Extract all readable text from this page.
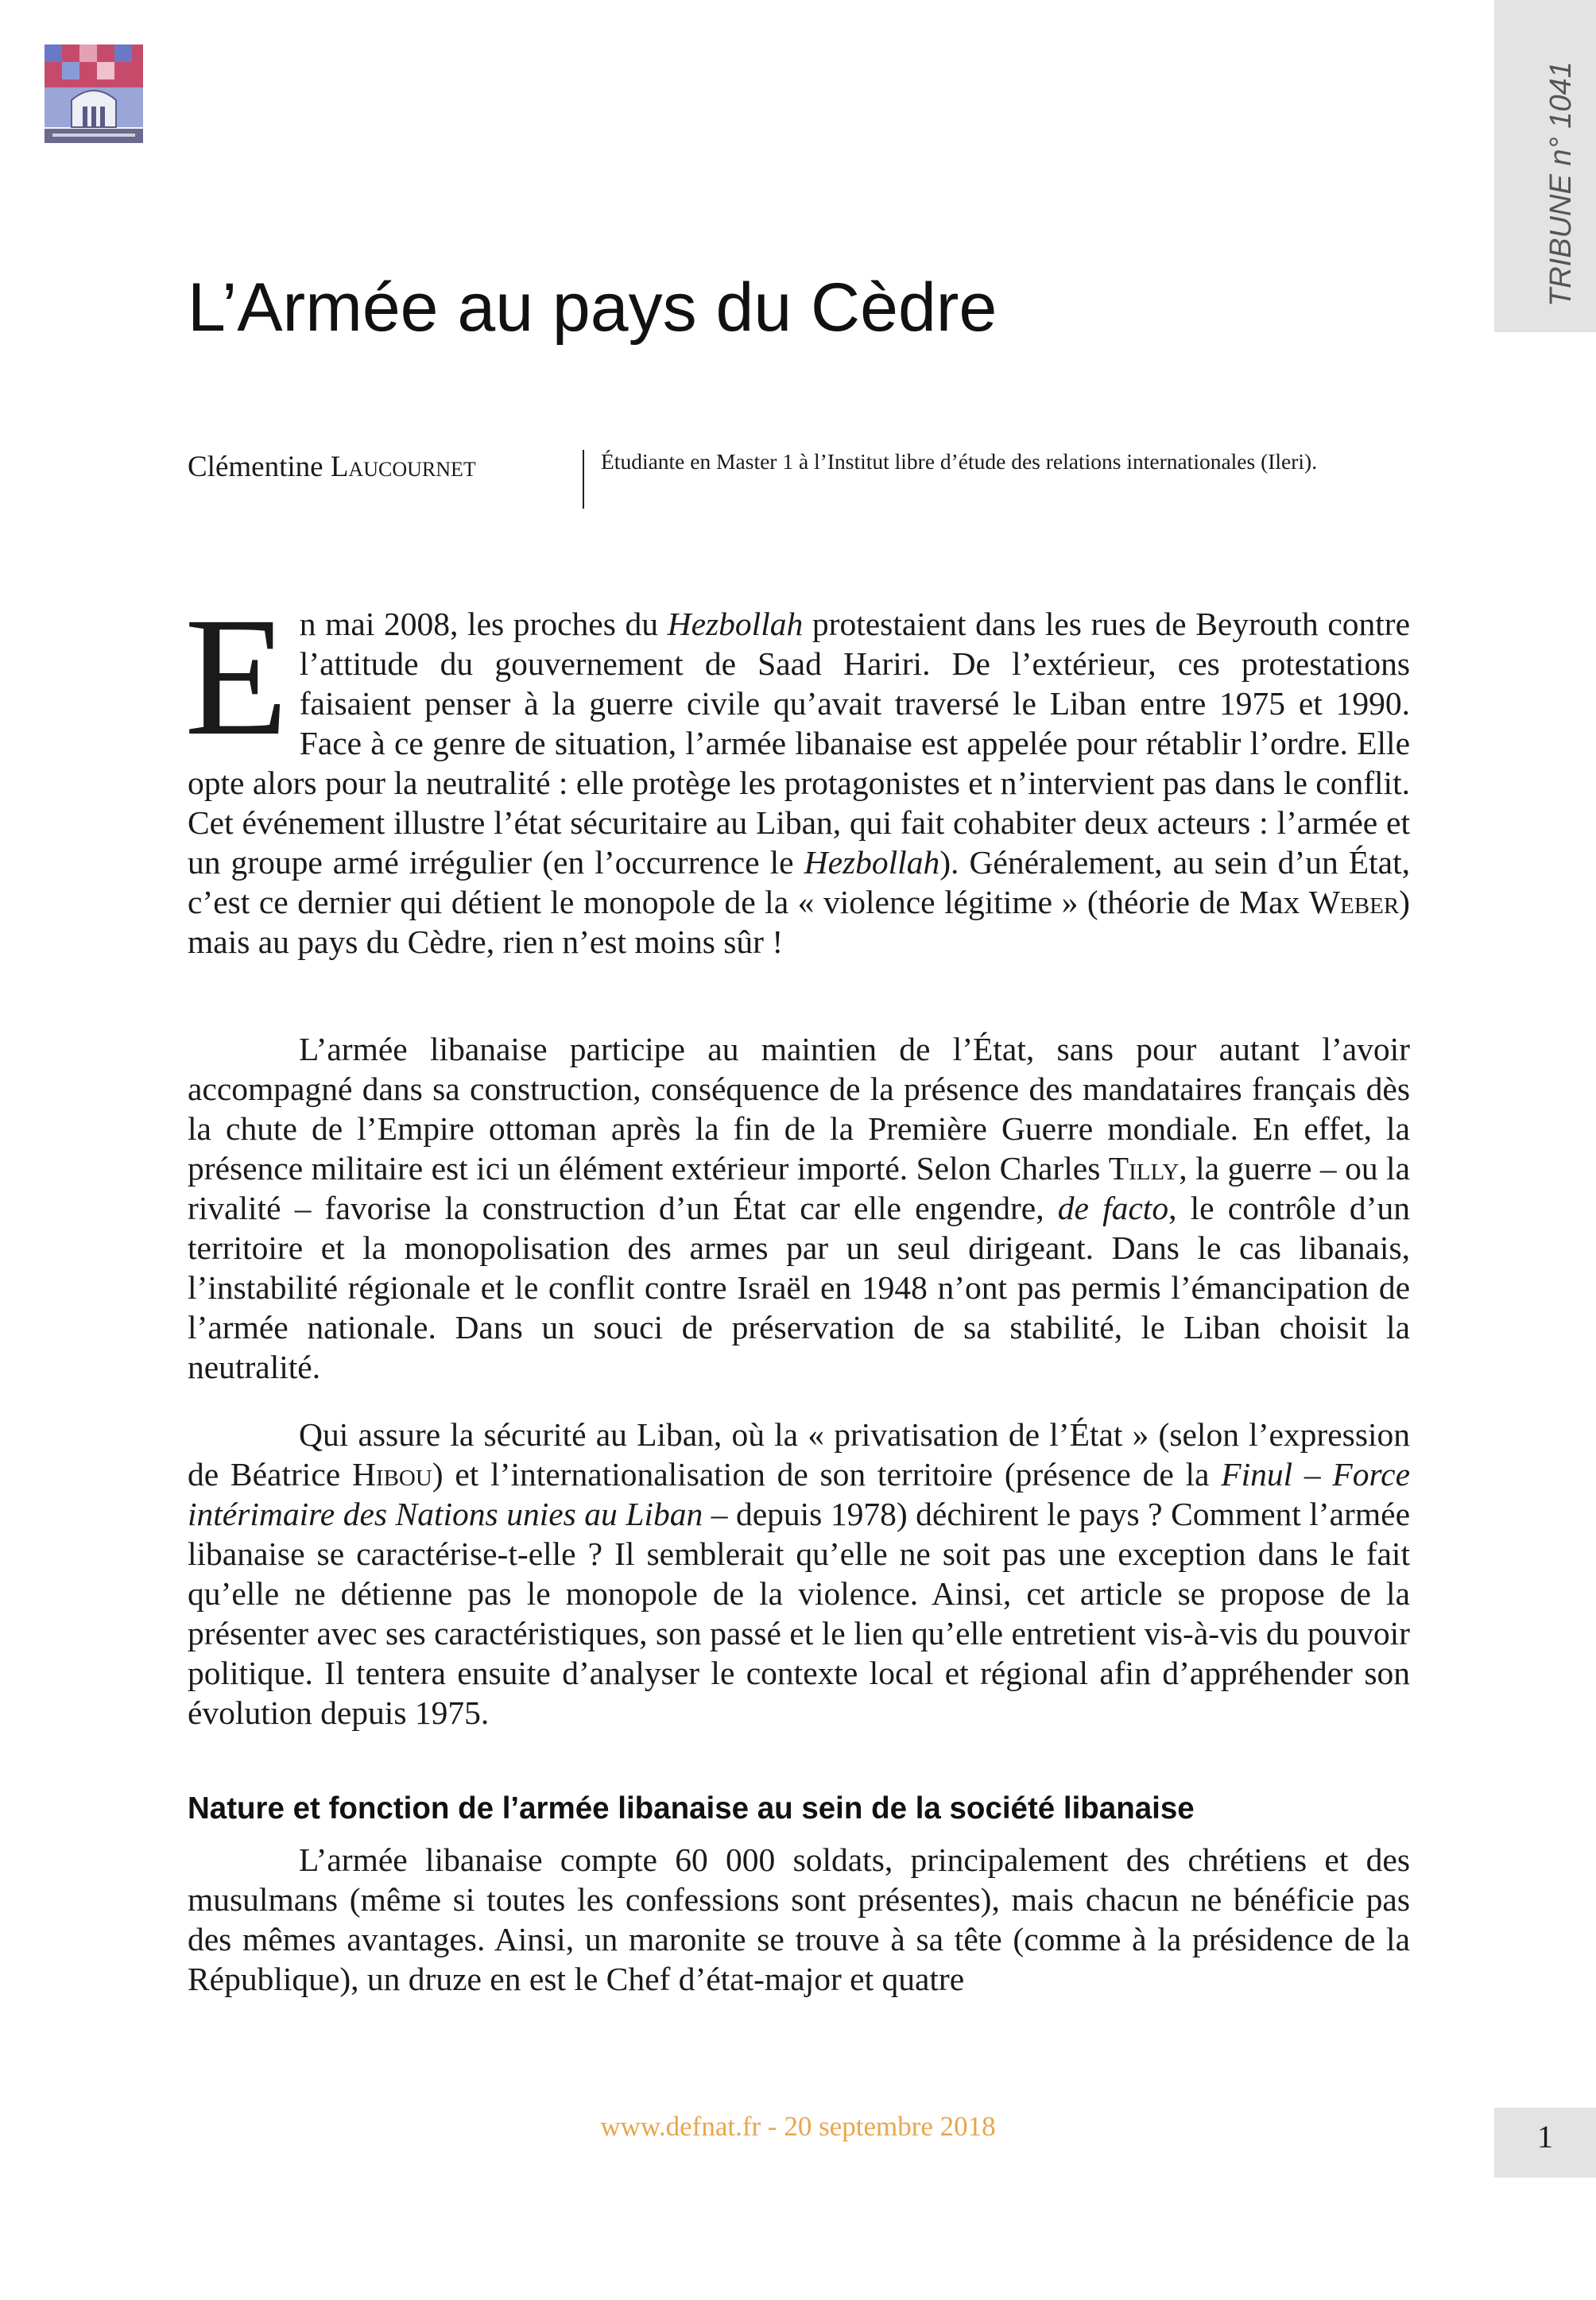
TRIBUNE n° 1041
L’Armée au pays du Cèdre
Clémentine Laucournet	Étudiante en Master 1 à l’Institut libre d’étude des relations internationales (Ileri).
En mai 2008, les proches du Hezbollah protestaient dans les rues de Beyrouth contre l’attitude du gouvernement de Saad Hariri. De l’extérieur, ces protestations faisaient penser à la guerre civile qu’avait traversé le Liban entre 1975 et 1990. Face à ce genre de situation, l’armée libanaise est appelée pour rétablir l’ordre. Elle opte alors pour la neutralité : elle protège les protagonistes et n’intervient pas dans le conflit. Cet événement illustre l’état sécuritaire au Liban, qui fait cohabiter deux acteurs : l’armée et un groupe armé irrégulier (en l’occurrence le Hezbollah). Généralement, au sein d’un État, c’est ce dernier qui détient le monopole de la « violence légitime » (théorie de Max Weber) mais au pays du Cèdre, rien n’est moins sûr !
L’armée libanaise participe au maintien de l’État, sans pour autant l’avoir accompagné dans sa construction, conséquence de la présence des mandataires français dès la chute de l’Empire ottoman après la fin de la Première Guerre mondiale. En effet, la présence militaire est ici un élément extérieur importé. Selon Charles Tilly, la guerre – ou la rivalité – favorise la construction d’un État car elle engendre, de facto, le contrôle d’un territoire et la monopolisation des armes par un seul dirigeant. Dans le cas libanais, l’instabilité régionale et le conflit contre Israël en 1948 n’ont pas permis l’émancipation de l’armée nationale. Dans un souci de préservation de sa stabilité, le Liban choisit la neutralité.
Qui assure la sécurité au Liban, où la « privatisation de l’État » (selon l’expression de Béatrice Hibou) et l’internationalisation de son territoire (présence de la Finul – Force intérimaire des Nations unies au Liban – depuis 1978) déchirent le pays ? Comment l’armée libanaise se caractérise-t-elle ? Il semblerait qu’elle ne soit pas une exception dans le fait qu’elle ne détienne pas le monopole de la violence. Ainsi, cet article se propose de la présenter avec ses caractéristiques, son passé et le lien qu’elle entretient vis-à-vis du pouvoir politique. Il tentera ensuite d’analyser le contexte local et régional afin d’appréhender son évolution depuis 1975.
Nature et fonction de l’armée libanaise au sein de la société libanaise
L’armée libanaise compte 60 000 soldats, principalement des chrétiens et des musulmans (même si toutes les confessions sont présentes), mais chacun ne bénéficie pas des mêmes avantages. Ainsi, un maronite se trouve à sa tête (comme à la présidence de la République), un druze en est le Chef d’état-major et quatre
www.defnat.fr - 20 septembre 2018	1
